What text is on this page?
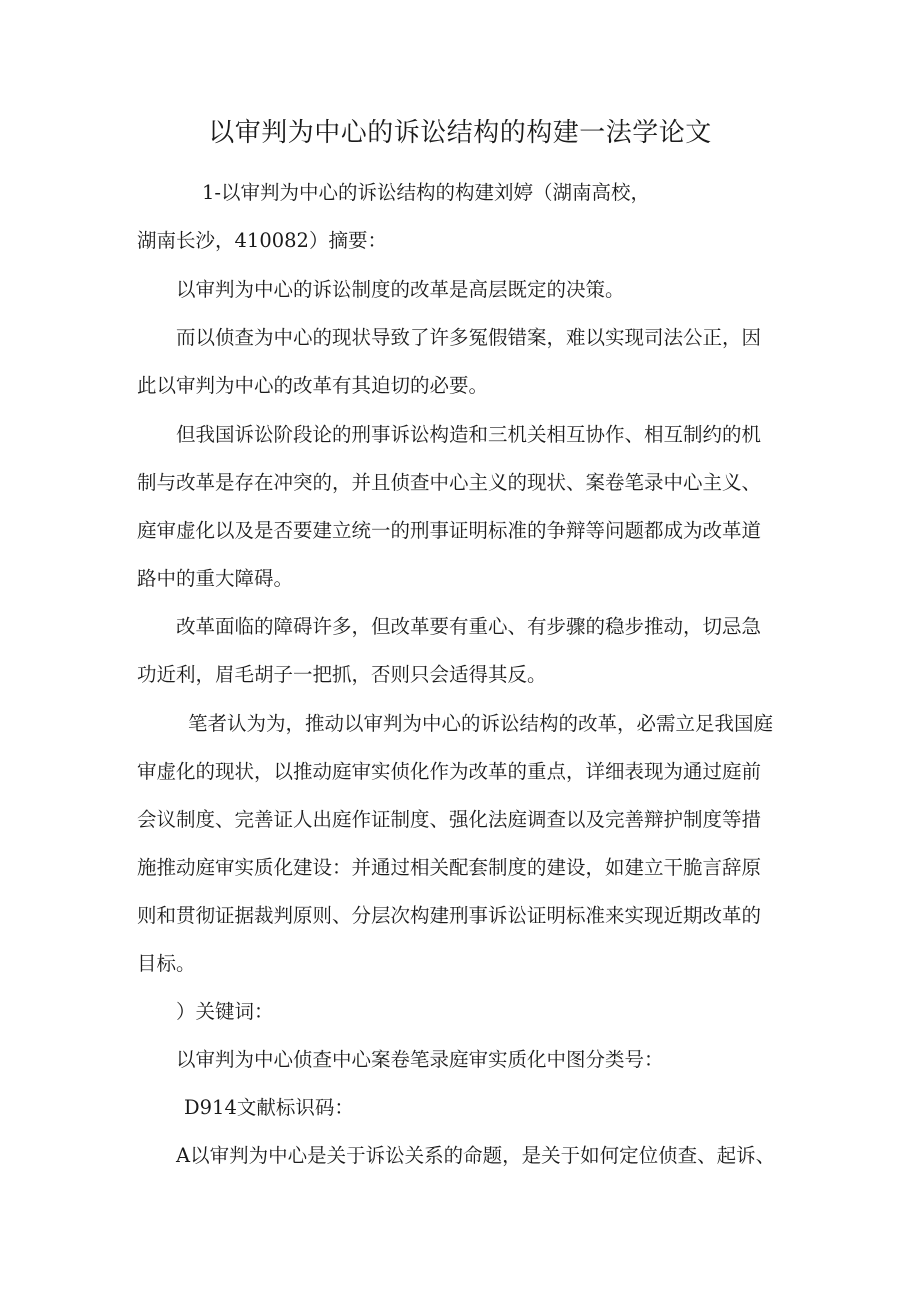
以审判为中心的诉讼结构的构建一法学论文
1-以审判为中心的诉讼结构的构建刘婷（湖南高校，
湖南长沙，410082）摘要：
以审判为中心的诉讼制度的改革是高层既定的决策。
而以侦查为中心的现状导致了许多冤假错案，难以实现司法公正，因
此以审判为中心的改革有其迫切的必要。
但我国诉讼阶段论的刑事诉讼构造和三机关相互协作、相互制约的机
制与改革是存在冲突的，并且侦查中心主义的现状、案卷笔录中心主义、
庭审虚化以及是否要建立统一的刑事证明标准的争辩等问题都成为改革道
路中的重大障碍。
改革面临的障碍许多，但改革要有重心、有步骤的稳步推动，切忌急
功近利，眉毛胡子一把抓，否则只会适得其反。
笔者认为为，推动以审判为中心的诉讼结构的改革，必需立足我国庭
审虚化的现状，以推动庭审实侦化作为改革的重点，详细表现为通过庭前
会议制度、完善证人出庭作证制度、强化法庭调查以及完善辩护制度等措
施推动庭审实质化建设：并通过相关配套制度的建设，如建立干脆言辞原
则和贯彻证据裁判原则、分层次构建刑事诉讼证明标准来实现近期改革的
目标。
）关键词：
以审判为中心侦查中心案卷笔录庭审实质化中图分类号：
D914文献标识码：
A以审判为中心是关于诉讼关系的命题，是关于如何定位侦查、起诉、
